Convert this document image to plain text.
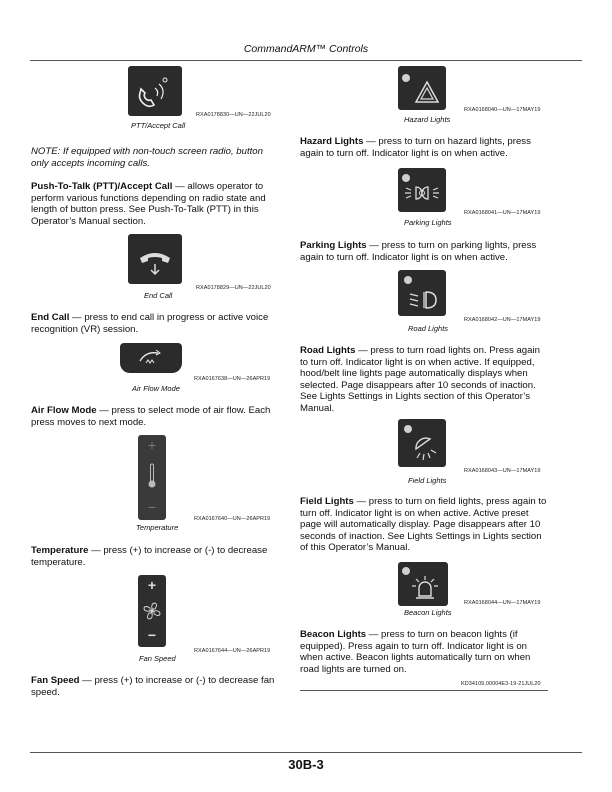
CommandARM™ Controls
RXA0178830—UN—22JUL20
PTT/Accept Call
NOTE: If equipped with non-touch screen radio, button only accepts incoming calls.
Push-To-Talk (PTT)/Accept Call — allows operator to perform various functions depending on radio state and length of button press. See Push-To-Talk (PTT) in this Operator’s Manual section.
RXA0178829—UN—22JUL20
End Call
End Call — press to end call in progress or active voice recognition (VR) session.
RXA0167638—UN—26APR19
Air Flow Mode
Air Flow Mode — press to select mode of air flow. Each press moves to next mode.
+
−
RXA0167640—UN—26APR19
Temperature
Temperature — press (+) to increase or (-) to decrease temperature.
+
−
RXA0167644—UN—26APR19
Fan Speed
Fan Speed — press (+) to increase or (-) to decrease fan speed.
RXA0168040—UN—17MAY19
Hazard Lights
Hazard Lights — press to turn on hazard lights, press again to turn off. Indicator light is on when active.
RXA0168041—UN—17MAY19
Parking Lights
Parking Lights — press to turn on parking lights, press again to turn off. Indicator light is on when active.
RXA0168042—UN—17MAY19
Road Lights
Road Lights — press to turn road lights on. Press again to turn off. Indicator light is on when active. If equipped, hood/belt line lights page automatically displays when selected. Page disappears after 10 seconds of inaction. See Lights Settings in Lights section of this Operator’s Manual.
RXA0168043—UN—17MAY19
Field Lights
Field Lights — press to turn on field lights, press again to turn off. Indicator light is on when active. Active preset page will automatically display. Page disappears after 10 seconds of inaction. See Lights Settings in Lights section of this Operator’s Manual.
RXA0168044—UN—17MAY19
Beacon Lights
Beacon Lights — press to turn on beacon lights (if equipped). Press again to turn off. Indicator light is on when active. Beacon lights automatically turn on when road lights are turned on.
KD34109,00004E3-19-21JUL20
30B-3
